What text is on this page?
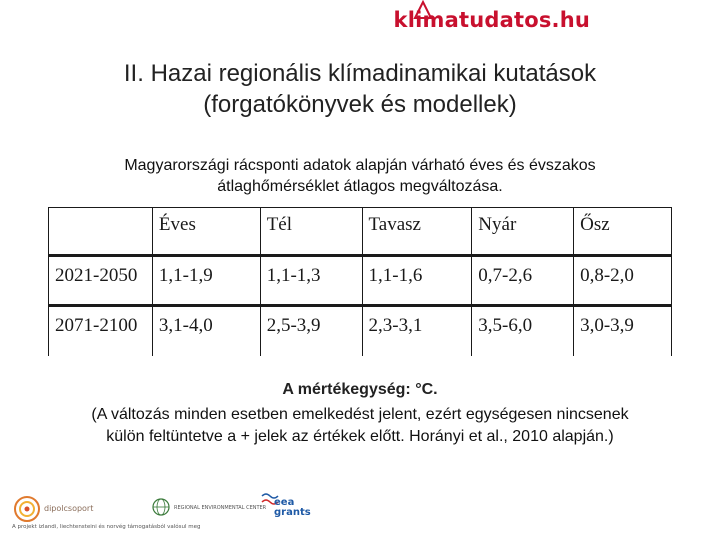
klimatudatos.hu
II. Hazai regionális klímadinamikai kutatások
(forgatókönyvek és modellek)
Magyarországi rácsponti adatok alapján várható éves és évszakos
átlaghőmérséklet átlagos megváltozása.
	Éves	Tél	Tavasz	Nyár	Ősz
2021-2050	1,1-1,9	1,1-1,3	1,1-1,6	0,7-2,6	0,8-2,0
2071-2100	3,1-4,0	2,5-3,9	2,3-3,1	3,5-6,0	3,0-3,9
A mértékegység: °C.
(A változás minden esetben emelkedést jelent, ezért egységesen nincsenek
külön feltüntetve a + jelek az értékek előtt. Horányi et al., 2010 alapján.)
dipolcsoport
A projekt izlandi, liechtensteini és norvég támogatásból valósul meg
REGIONAL ENVIRONMENTAL CENTER eea
grants
